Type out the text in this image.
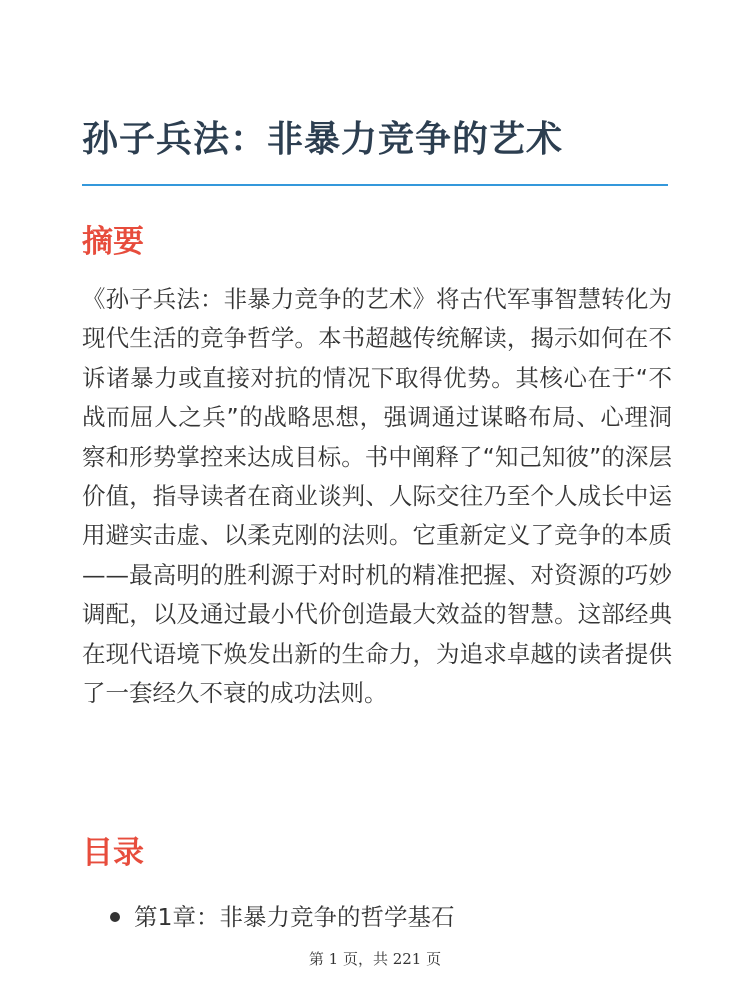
孙子兵法：非暴力竞争的艺术
摘要

《孙子兵法：非暴力竞争的艺术》将古代军事智慧转化为现代生活的竞争哲学。本书超越传统解读，揭示如何在不诉诸暴力或直接对抗的情况下取得优势。其核心在于“不战而屈人之兵”的战略思想，强调通过谋略布局、心理洞察和形势掌控来达成目标。书中阐释了“知己知彼”的深层价值，指导读者在商业谈判、人际交往乃至个人成长中运用避实击虚、以柔克刚的法则。它重新定义了竞争的本质——最高明的胜利源于对时机的精准把握、对资源的巧妙调配，以及通过最小代价创造最大效益的智慧。这部经典在现代语境下焕发出新的生命力，为追求卓越的读者提供了一套经久不衰的成功法则。

目录
第1章：非暴力竞争的哲学基石
第 1 页，共 221 页
